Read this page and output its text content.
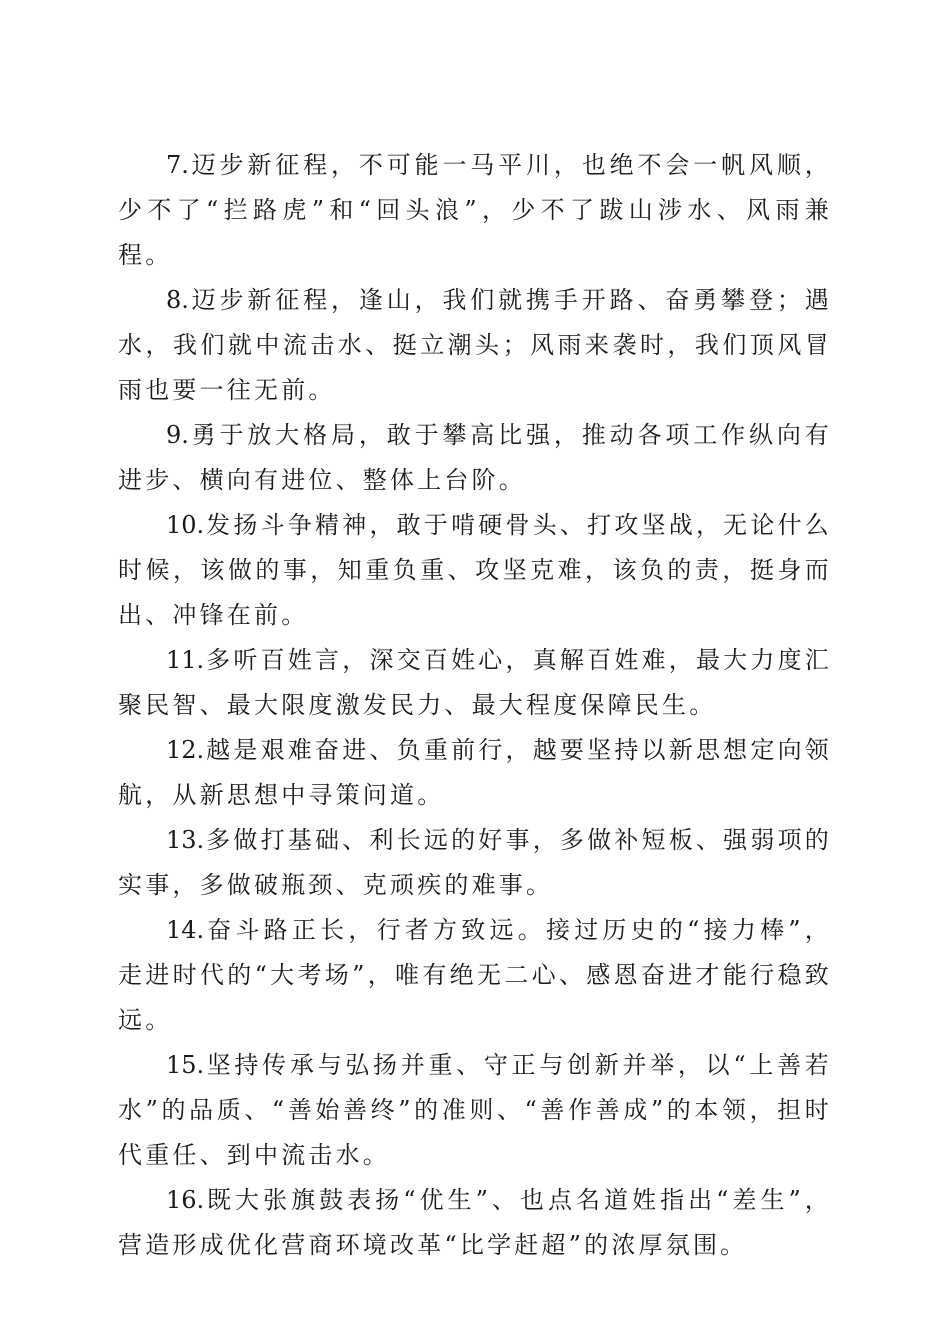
7.迈步新征程，不可能一马平川，也绝不会一帆风顺，少不了“拦路虎”和“回头浪”，少不了跋山涉水、风雨兼程。

8.迈步新征程，逢山，我们就携手开路、奋勇攀登；遇水，我们就中流击水、挺立潮头；风雨来袭时，我们顶风冒雨也要一往无前。

9.勇于放大格局，敢于攀高比强，推动各项工作纵向有进步、横向有进位、整体上台阶。

10.发扬斗争精神，敢于啃硬骨头、打攻坚战，无论什么时候，该做的事，知重负重、攻坚克难，该负的责，挺身而出、冲锋在前。

11.多听百姓言，深交百姓心，真解百姓难，最大力度汇聚民智、最大限度激发民力、最大程度保障民生。

12.越是艰难奋进、负重前行，越要坚持以新思想定向领航，从新思想中寻策问道。

13.多做打基础、利长远的好事，多做补短板、强弱项的实事，多做破瓶颈、克顽疾的难事。

14.奋斗路正长，行者方致远。接过历史的“接力棒”，走进时代的“大考场”，唯有绝无二心、感恩奋进才能行稳致远。

15.坚持传承与弘扬并重、守正与创新并举，以“上善若水”的品质、“善始善终”的准则、“善作善成”的本领，担时代重任、到中流击水。

16.既大张旗鼓表扬“优生”、也点名道姓指出“差生”，营造形成优化营商环境改革“比学赶超”的浓厚氛围。
